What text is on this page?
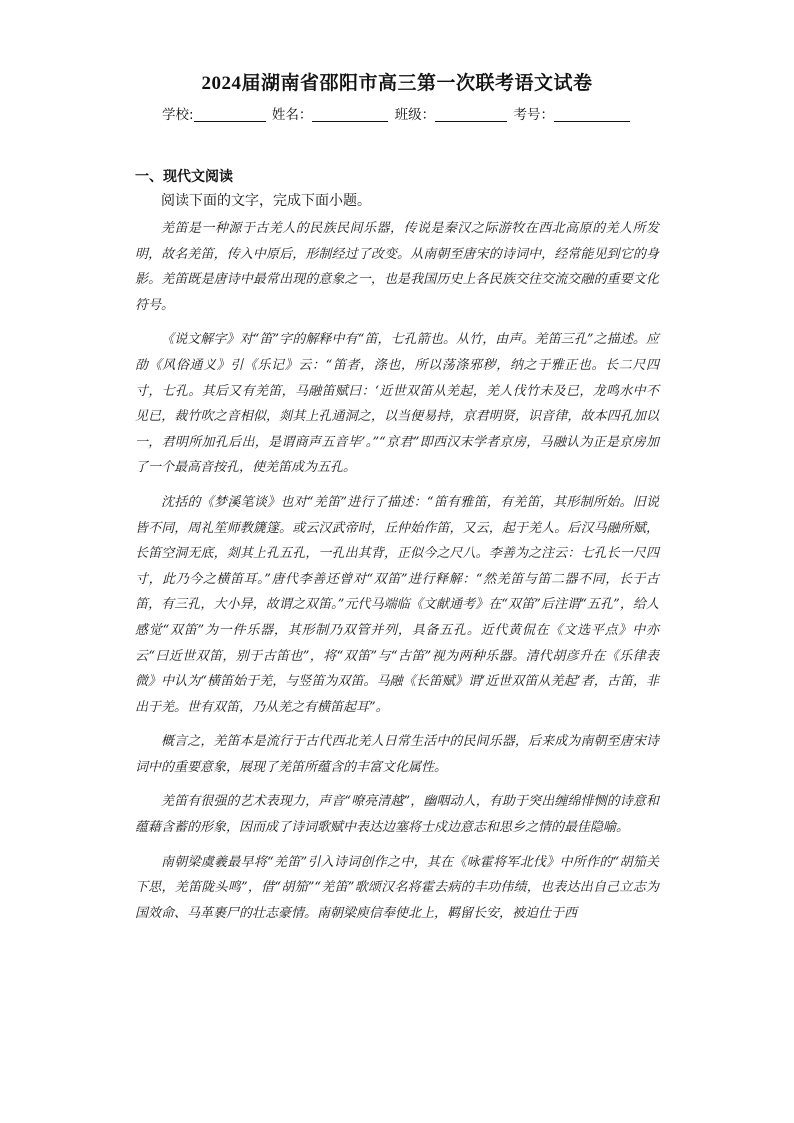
2024届湖南省邵阳市高三第一次联考语文试卷
学校:	姓名：	班级：	考号：
一、现代文阅读
阅读下面的文字，完成下面小题。

羌笛是一种源于古羌人的民族民间乐器，传说是秦汉之际游牧在西北高原的羌人所发明，故名羌笛，传入中原后，形制经过了改变。从南朝至唐宋的诗词中，经常能见到它的身影。羌笛既是唐诗中最常出现的意象之一，也是我国历史上各民族交往交流交融的重要文化符号。

《说文解字》对“笛”字的解释中有“笛，七孔箭也。从竹，由声。羌笛三孔”之描述。应劭《风俗通义》引《乐记》云：“笛者，涤也，所以荡涤邪秽，纳之于雅正也。长二尺四寸，七孔。其后又有羌笛，马融笛赋曰：‘近世双笛从羌起，羌人伐竹未及已，龙鸣水中不见已，裁竹吹之音相似，剡其上孔通洞之，以当便易持，京君明贤，识音律，故本四孔加以一，君明所加孔后出，是谓商声五音毕’。”“京君”即西汉末学者京房，马融认为正是京房加了一个最高音按孔，使羌笛成为五孔。

沈括的《梦溪笔谈》也对“羌笛”进行了描述：“笛有雅笛，有羌笛，其形制所始。旧说皆不同，周礼笙师教篪篴。或云汉武帝时，丘仲始作笛，又云，起于羌人。后汉马融所赋，长笛空洞无底，剡其上孔五孔，一孔出其背，正似今之尺八。李善为之注云：七孔长一尺四寸，此乃今之横笛耳。”唐代李善还曾对“双笛”进行释解：“然羌笛与笛二器不同，长于古笛，有三孔，大小异，故谓之双笛。”元代马端临《文献通考》在“双笛”后注谓“五孔”，给人感觉“双笛”为一件乐器，其形制乃双管并列，具备五孔。近代黄侃在《文选平点》中亦云“曰近世双笛，别于古笛也”，将“双笛”与“古笛”视为两种乐器。清代胡彦升在《乐律表微》中认为“横笛始于羌，与竖笛为双笛。马融《长笛赋》谓‘近世双笛从羌起’者，古笛，非出于羌。世有双笛，乃从羌之有横笛起耳”。

概言之，羌笛本是流行于古代西北羌人日常生活中的民间乐器，后来成为南朝至唐宋诗词中的重要意象，展现了羌笛所蕴含的丰富文化属性。

羌笛有很强的艺术表现力，声音“嘹亮清越”，幽咽动人，有助于突出缠绵悱恻的诗意和蕴藉含蓄的形象，因而成了诗词歌赋中表达边塞将士戍边意志和思乡之情的最佳隐喻。

南朝梁虞羲最早将“羌笛”引入诗词创作之中，其在《咏霍将军北伐》中所作的“胡笳关下思，羌笛陇头鸣”，借“胡笳”“羌笛”歌颂汉名将霍去病的丰功伟绩，也表达出自己立志为国效命、马革裹尸的壮志豪情。南朝梁庾信奉使北上，羁留长安，被迫仕于西
